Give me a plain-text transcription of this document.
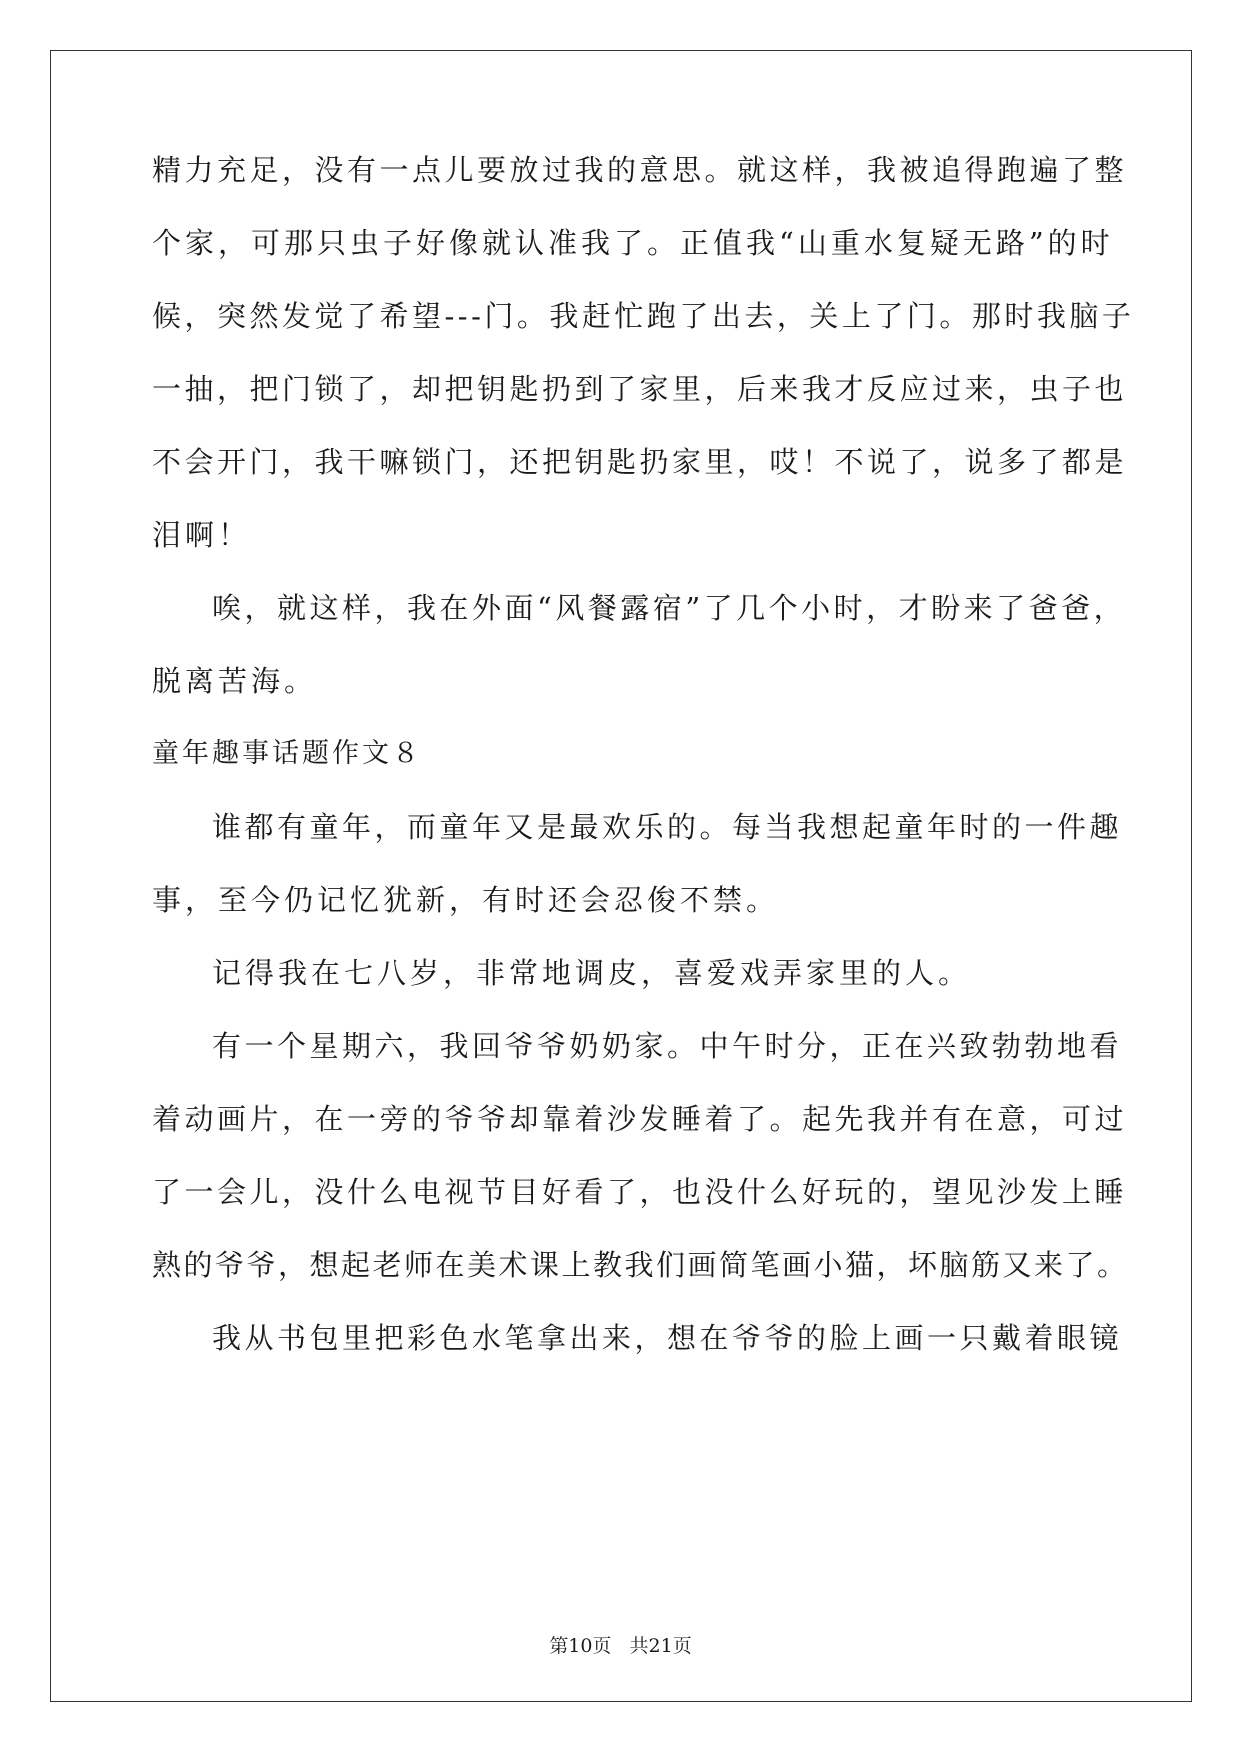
精力充足，没有一点儿要放过我的意思。就这样，我被追得跑遍了整
个家，可那只虫子好像就认准我了。正值我“山重水复疑无路”的时
候，突然发觉了希望---门。我赶忙跑了出去，关上了门。那时我脑子
一抽，把门锁了，却把钥匙扔到了家里，后来我才反应过来，虫子也
不会开门，我干嘛锁门，还把钥匙扔家里，哎！不说了，说多了都是
泪啊！
唉，就这样，我在外面“风餐露宿”了几个小时，才盼来了爸爸，
脱离苦海。
童年趣事话题作文８
谁都有童年，而童年又是最欢乐的。每当我想起童年时的一件趣
事，至今仍记忆犹新，有时还会忍俊不禁。
记得我在七八岁，非常地调皮，喜爱戏弄家里的人。
有一个星期六，我回爷爷奶奶家。中午时分，正在兴致勃勃地看
着动画片，在一旁的爷爷却靠着沙发睡着了。起先我并有在意，可过
了一会儿，没什么电视节目好看了，也没什么好玩的，望见沙发上睡
熟的爷爷，想起老师在美术课上教我们画简笔画小猫，坏脑筋又来了。
我从书包里把彩色水笔拿出来，想在爷爷的脸上画一只戴着眼镜
第10页   共21页
